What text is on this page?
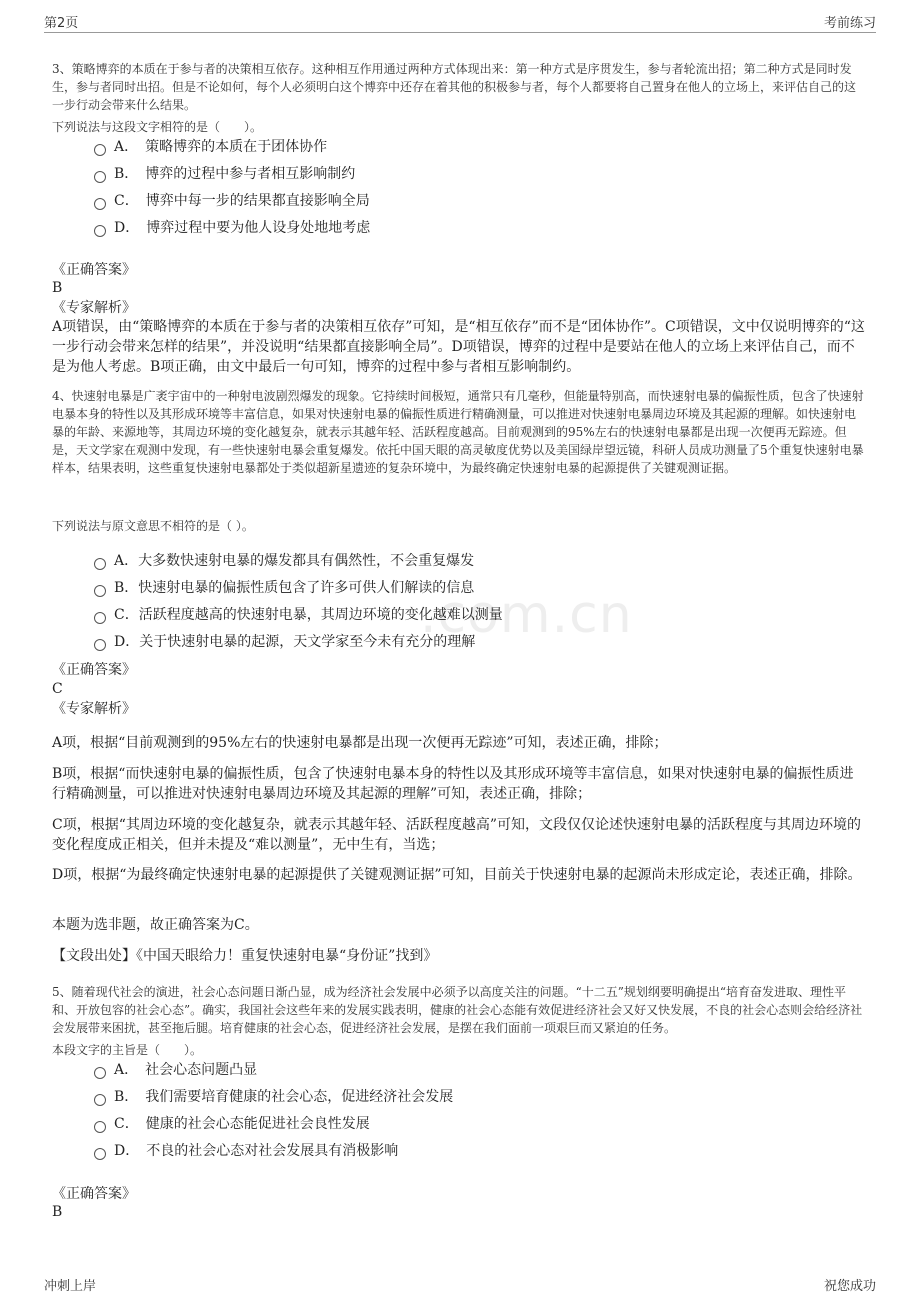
第2页	考前练习
.com.cn
3、策略博弈的本质在于参与者的决策相互依存。这种相互作用通过两种方式体现出来：第一种方式是序贯发生，参与者轮流出招；第二种方式是同时发生，参与者同时出招。但是不论如何，每个人必须明白这个博弈中还存在着其他的积极参与者，每个人都要将自己置身在他人的立场上，来评估自己的这一步行动会带来什么结果。
下列说法与这段文字相符的是（　　）。
A．　策略博弈的本质在于团体协作
B．　博弈的过程中参与者相互影响制约
C．　博弈中每一步的结果都直接影响全局
D．　博弈过程中要为他人设身处地地考虑
《正确答案》
B
《专家解析》
A项错误，由“策略博弈的本质在于参与者的决策相互依存”可知，是“相互依存”而不是“团体协作”。C项错误，文中仅说明博弈的“这一步行动会带来怎样的结果”，并没说明“结果都直接影响全局”。D项错误，博弈的过程中是要站在他人的立场上来评估自己，而不是为他人考虑。B项正确，由文中最后一句可知，博弈的过程中参与者相互影响制约。
4、快速射电暴是广袤宇宙中的一种射电波剧烈爆发的现象。它持续时间极短，通常只有几毫秒，但能量特别高，而快速射电暴的偏振性质，包含了快速射电暴本身的特性以及其形成环境等丰富信息，如果对快速射电暴的偏振性质进行精确测量，可以推进对快速射电暴周边环境及其起源的理解。如快速射电暴的年龄、来源地等，其周边环境的变化越复杂，就表示其越年轻、活跃程度越高。目前观测到的95%左右的快速射电暴都是出现一次便再无踪迹。但是，天文学家在观测中发现，有一些快速射电暴会重复爆发。依托中国天眼的高灵敏度优势以及美国绿岸望远镜，科研人员成功测量了5个重复快速射电暴样本，结果表明，这些重复快速射电暴都处于类似超新星遗迹的复杂环境中，为最终确定快速射电暴的起源提供了关键观测证据。
下列说法与原文意思不相符的是（ ）。
A．大多数快速射电暴的爆发都具有偶然性，不会重复爆发
B．快速射电暴的偏振性质包含了许多可供人们解读的信息
C．活跃程度越高的快速射电暴，其周边环境的变化越难以测量
D．关于快速射电暴的起源，天文学家至今未有充分的理解
《正确答案》
C
《专家解析》
A项，根据“目前观测到的95%左右的快速射电暴都是出现一次便再无踪迹”可知，表述正确，排除；
B项，根据“而快速射电暴的偏振性质，包含了快速射电暴本身的特性以及其形成环境等丰富信息，如果对快速射电暴的偏振性质进行精确测量，可以推进对快速射电暴周边环境及其起源的理解”可知，表述正确，排除；
C项，根据“其周边环境的变化越复杂，就表示其越年轻、活跃程度越高”可知，文段仅仅论述快速射电暴的活跃程度与其周边环境的变化程度成正相关，但并未提及“难以测量”，无中生有，当选；
D项，根据“为最终确定快速射电暴的起源提供了关键观测证据”可知，目前关于快速射电暴的起源尚未形成定论，表述正确，排除。
本题为选非题，故正确答案为C。
【文段出处】《中国天眼给力！重复快速射电暴“身份证”找到》
5、随着现代社会的演进，社会心态问题日渐凸显，成为经济社会发展中必须予以高度关注的问题。“十二五”规划纲要明确提出“培育奋发进取、理性平和、开放包容的社会心态”。确实，我国社会这些年来的发展实践表明，健康的社会心态能有效促进经济社会又好又快发展，不良的社会心态则会给经济社会发展带来困扰，甚至拖后腿。培育健康的社会心态，促进经济社会发展，是摆在我们面前一项艰巨而又紧迫的任务。
本段文字的主旨是（　　）。
A．　社会心态问题凸显
B．　我们需要培育健康的社会心态，促进经济社会发展
C．　健康的社会心态能促进社会良性发展
D．　不良的社会心态对社会发展具有消极影响
《正确答案》
B
冲刺上岸	祝您成功
